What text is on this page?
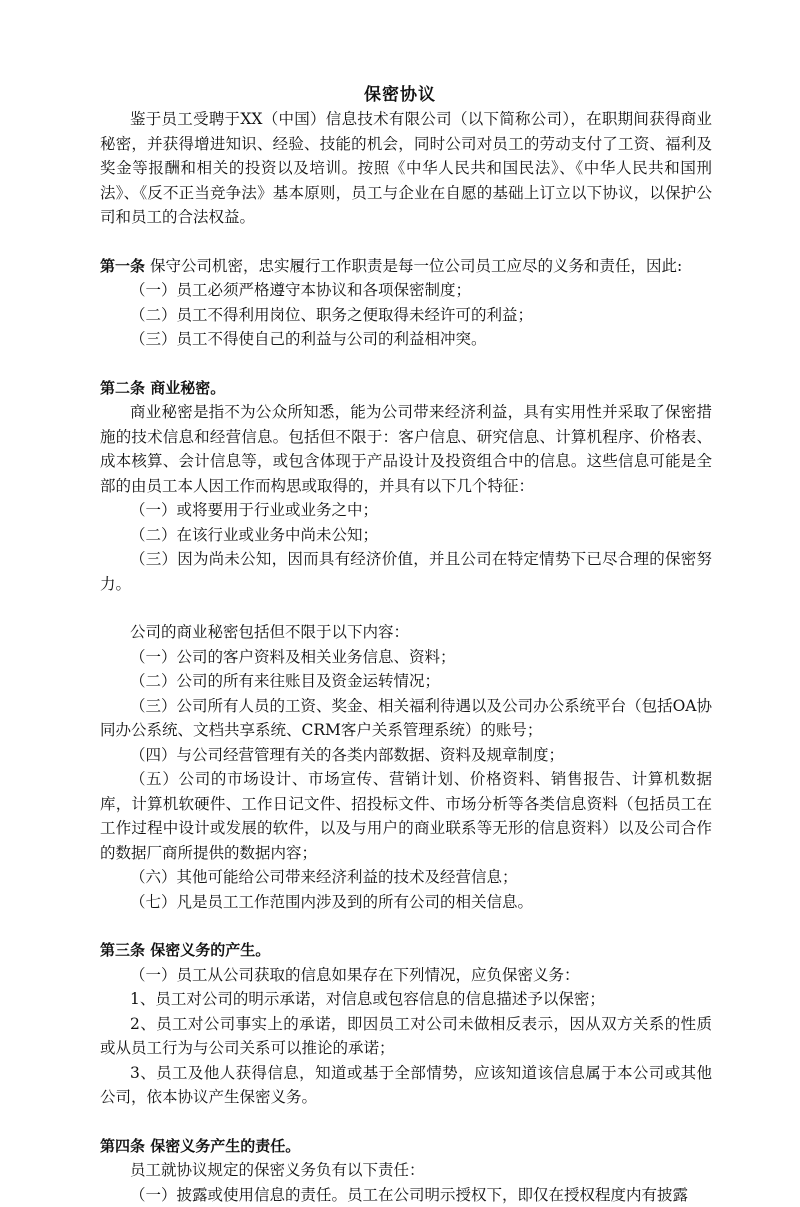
保密协议

鉴于员工受聘于XX（中国）信息技术有限公司（以下简称公司），在职期间获得商业秘密，并获得增进知识、经验、技能的机会，同时公司对员工的劳动支付了工资、福利及奖金等报酬和相关的投资以及培训。按照《中华人民共和国民法》、《中华人民共和国刑法》、《反不正当竞争法》基本原则，员工与企业在自愿的基础上订立以下协议，以保护公司和员工的合法权益。

第一条 保守公司机密，忠实履行工作职责是每一位公司员工应尽的义务和责任，因此:

（一）员工必须严格遵守本协议和各项保密制度；

（二）员工不得利用岗位、职务之便取得未经许可的利益；

（三）员工不得使自己的利益与公司的利益相冲突。

第二条 商业秘密。

商业秘密是指不为公众所知悉，能为公司带来经济利益，具有实用性并采取了保密措施的技术信息和经营信息。包括但不限于：客户信息、研究信息、计算机程序、价格表、成本核算、会计信息等，或包含体现于产品设计及投资组合中的信息。这些信息可能是全部的由员工本人因工作而构思或取得的，并具有以下几个特征：

（一）或将要用于行业或业务之中；

（二）在该行业或业务中尚未公知；

（三）因为尚未公知，因而具有经济价值，并且公司在特定情势下已尽合理的保密努力。

公司的商业秘密包括但不限于以下内容：

（一）公司的客户资料及相关业务信息、资料；

（二）公司的所有来往账目及资金运转情况；

（三）公司所有人员的工资、奖金、相关福利待遇以及公司办公系统平台（包括OA协同办公系统、文档共享系统、CRM客户关系管理系统）的账号；

（四）与公司经营管理有关的各类内部数据、资料及规章制度；

（五）公司的市场设计、市场宣传、营销计划、价格资料、销售报告、计算机数据库，计算机软硬件、工作日记文件、招投标文件、市场分析等各类信息资料（包括员工在工作过程中设计或发展的软件，以及与用户的商业联系等无形的信息资料）以及公司合作的数据厂商所提供的数据内容；

（六）其他可能给公司带来经济利益的技术及经营信息；

（七）凡是员工工作范围内涉及到的所有公司的相关信息。

第三条 保密义务的产生。

（一）员工从公司获取的信息如果存在下列情况，应负保密义务：

1、员工对公司的明示承诺，对信息或包容信息的信息描述予以保密；

2、员工对公司事实上的承诺，即因员工对公司未做相反表示，因从双方关系的性质或从员工行为与公司关系可以推论的承诺；

3、员工及他人获得信息，知道或基于全部情势，应该知道该信息属于本公司或其他公司，依本协议产生保密义务。

第四条 保密义务产生的责任。

员工就协议规定的保密义务负有以下责任：

（一）披露或使用信息的责任。员工在公司明示授权下，即仅在授权程度内有披露
